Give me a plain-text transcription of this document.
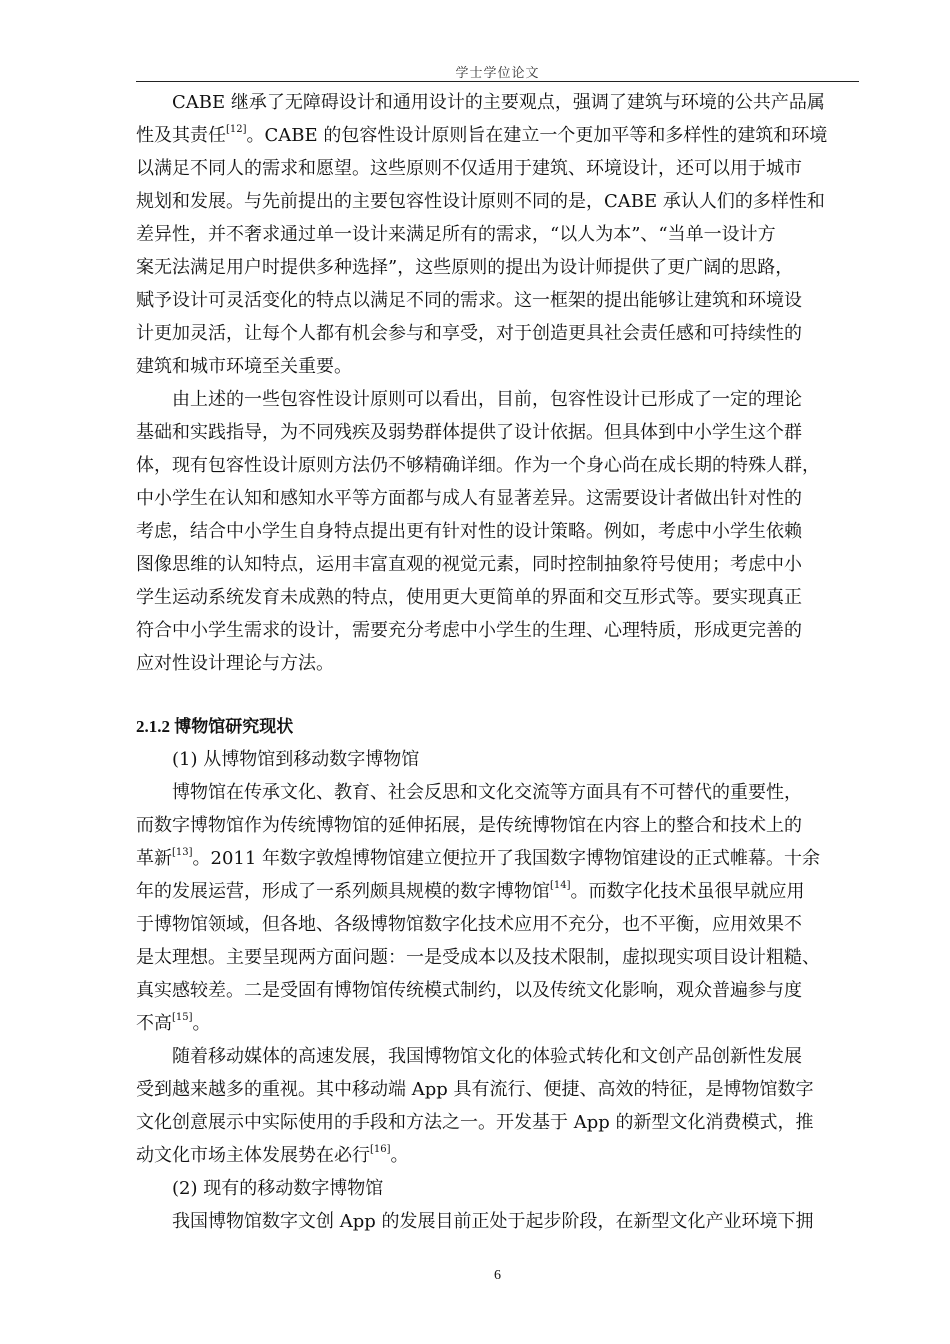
学士学位论文
CABE 继承了无障碍设计和通用设计的主要观点，强调了建筑与环境的公共产品属
性及其责任[12]。CABE 的包容性设计原则旨在建立一个更加平等和多样性的建筑和环境
以满足不同人的需求和愿望。这些原则不仅适用于建筑、环境设计，还可以用于城市
规划和发展。与先前提出的主要包容性设计原则不同的是，CABE 承认人们的多样性和
差异性，并不奢求通过单一设计来满足所有的需求，“以人为本”、“当单一设计方
案无法满足用户时提供多种选择”，这些原则的提出为设计师提供了更广阔的思路，
赋予设计可灵活变化的特点以满足不同的需求。这一框架的提出能够让建筑和环境设
计更加灵活，让每个人都有机会参与和享受，对于创造更具社会责任感和可持续性的
建筑和城市环境至关重要。
由上述的一些包容性设计原则可以看出，目前，包容性设计已形成了一定的理论
基础和实践指导，为不同残疾及弱势群体提供了设计依据。但具体到中小学生这个群
体，现有包容性设计原则方法仍不够精确详细。作为一个身心尚在成长期的特殊人群，
中小学生在认知和感知水平等方面都与成人有显著差异。这需要设计者做出针对性的
考虑，结合中小学生自身特点提出更有针对性的设计策略。例如，考虑中小学生依赖
图像思维的认知特点，运用丰富直观的视觉元素，同时控制抽象符号使用；考虑中小
学生运动系统发育未成熟的特点，使用更大更简单的界面和交互形式等。要实现真正
符合中小学生需求的设计，需要充分考虑中小学生的生理、心理特质，形成更完善的
应对性设计理论与方法。
2.1.2 博物馆研究现状
(1) 从博物馆到移动数字博物馆
博物馆在传承文化、教育、社会反思和文化交流等方面具有不可替代的重要性，
而数字博物馆作为传统博物馆的延伸拓展，是传统博物馆在内容上的整合和技术上的
革新[13]。2011 年数字敦煌博物馆建立便拉开了我国数字博物馆建设的正式帷幕。十余
年的发展运营，形成了一系列颇具规模的数字博物馆[14]。而数字化技术虽很早就应用
于博物馆领域，但各地、各级博物馆数字化技术应用不充分，也不平衡，应用效果不
是太理想。主要呈现两方面问题：一是受成本以及技术限制，虚拟现实项目设计粗糙、
真实感较差。二是受固有博物馆传统模式制约，以及传统文化影响，观众普遍参与度
不高[15]。
随着移动媒体的高速发展，我国博物馆文化的体验式转化和文创产品创新性发展
受到越来越多的重视。其中移动端 App 具有流行、便捷、高效的特征，是博物馆数字
文化创意展示中实际使用的手段和方法之一。开发基于 App 的新型文化消费模式，推
动文化市场主体发展势在必行[16]。
(2) 现有的移动数字博物馆
我国博物馆数字文创 App 的发展目前正处于起步阶段，在新型文化产业环境下拥
6
